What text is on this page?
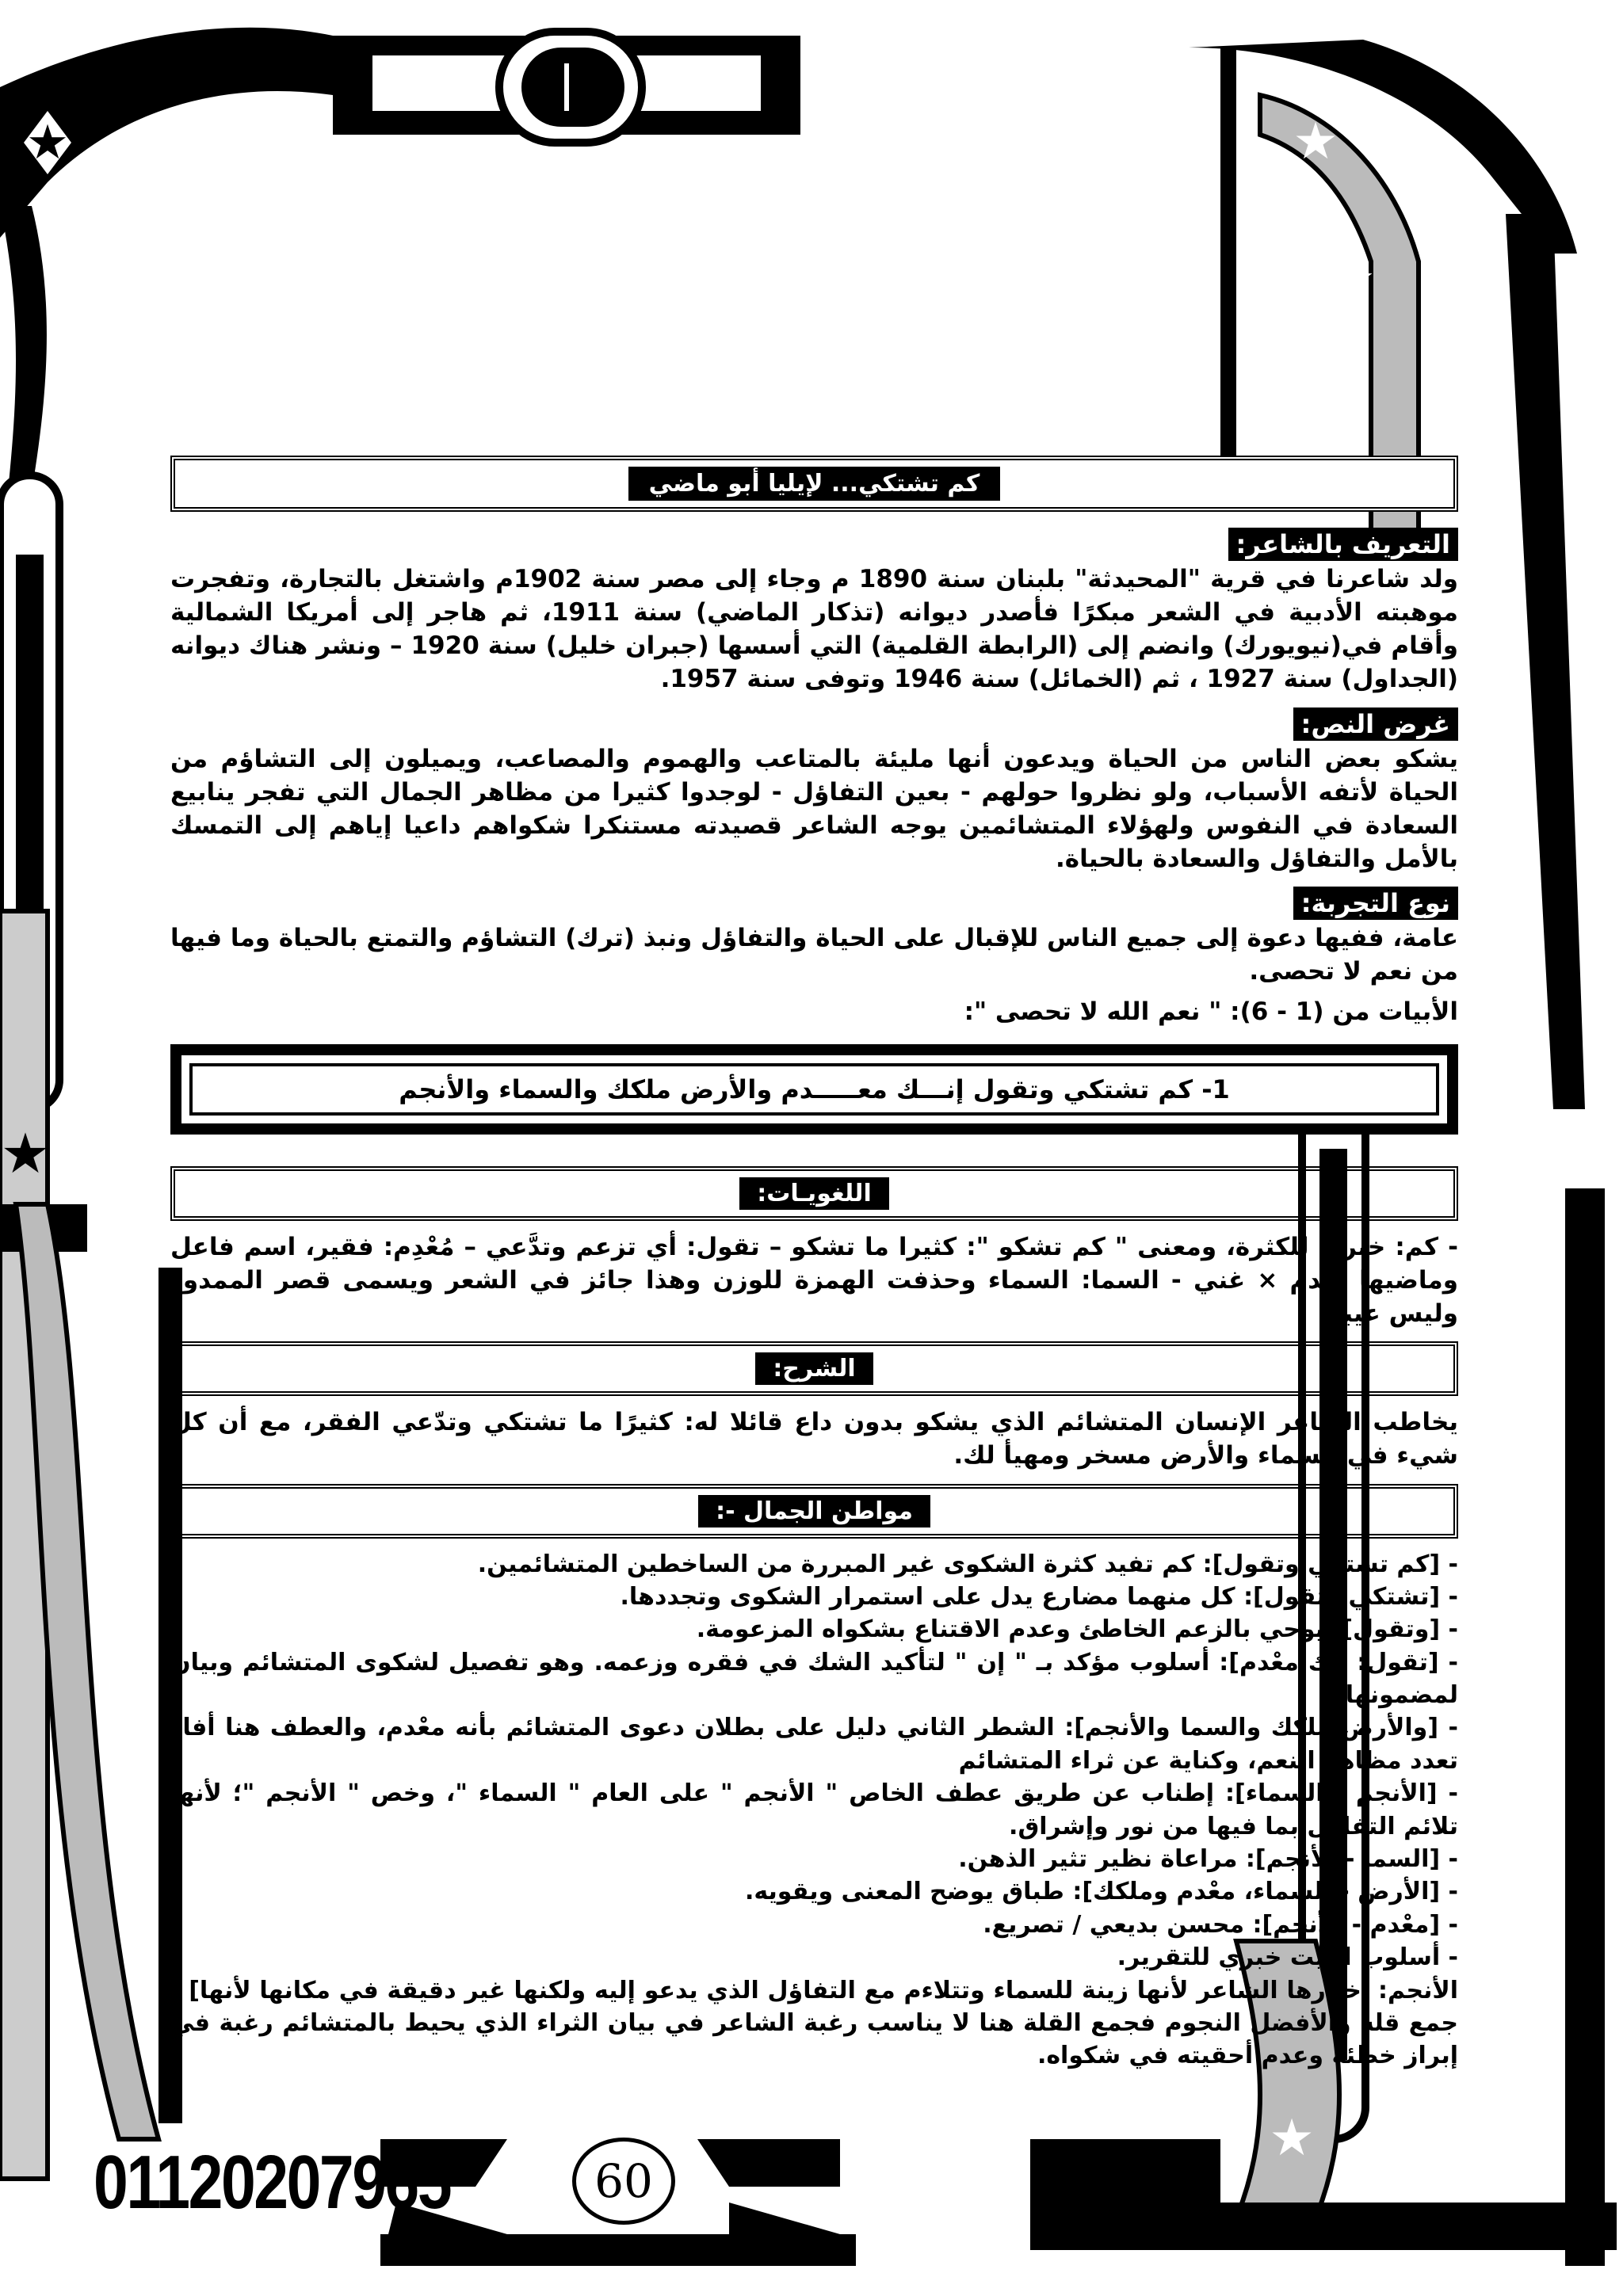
★	★
★
★
★
كم تشتكي... لإيليا أبو ماضي
التعريف بالشاعر:

ولد شاعرنا في قرية "المحيدثة" بلبنان سنة 1890 م وجاء إلى مصر سنة 1902م واشتغل بالتجارة، وتفجرت موهبته الأدبية في الشعر مبكرًا فأصدر ديوانه (تذكار الماضي) سنة 1911، ثم هاجر إلى أمريكا الشمالية وأقام في(نيويورك) وانضم إلى (الرابطة القلمية) التي أسسها (جبران خليل) سنة 1920 – ونشر هناك ديوانه (الجداول) سنة 1927 ، ثم (الخمائل) سنة 1946 وتوفى سنة 1957.

غرض النص:

يشكو بعض الناس من الحياة ويدعون أنها مليئة بالمتاعب والهموم والمصاعب، ويميلون إلى التشاؤم من الحياة لأتفه الأسباب، ولو نظروا حولهم - بعين التفاؤل - لوجدوا كثيرا من مظاهر الجمال التي تفجر ينابيع السعادة في النفوس ولهؤلاء المتشائمين يوجه الشاعر قصيدته مستنكرا شكواهم داعيا إياهم إلى التمسك بالأمل والتفاؤل والسعادة بالحياة.

نوع التجربة:

عامة، ففيها دعوة إلى جميع الناس للإقبال على الحياة والتفاؤل ونبذ (ترك) التشاؤم والتمتع بالحياة وما فيها من نعم لا تحصى.

الأبيات من (1 - 6): " نعم الله لا تحصى ":

1- كم تشتكي وتقول إنـــك معـــــدم والأرض ملكك والسماء والأنجم
اللغويـات:

- كم: خبرية للكثرة، ومعنى " كم تشكو ": كثيرا ما تشكو – تقول: أي تزعم وتدَّعي – مُعْدِم: فقير، اسم فاعل وماضيها أعدم × غني - السما: السماء وحذفت الهمزة للوزن وهذا جائز في الشعر ويسمى قصر الممدود وليس عيبا.

الشرح:

يخاطب الشاعر الإنسان المتشائم الذي يشكو بدون داع قائلا له: كثيرًا ما تشتكي وتدّعي الفقر، مع أن كل شيء في السماء والأرض مسخر ومهيأ لك.

مواطن الجمال -:
- [كم تشتكي وتقول]: كم تفيد كثرة الشكوى غير المبررة من الساخطين المتشائمين.
- [تشتكي وتقول]: كل منهما مضارع يدل على استمرار الشكوى وتجددها.
- [وتقول]: يوحي بالزعم الخاطئ وعدم الاقتناع بشكواه المزعومة.
- [تقول: إنك معْدم]: أسلوب مؤكد بـ " إن " لتأكيد الشك في فقره وزعمه. وهو تفصيل لشكوى المتشائم وبيان لمضمونها.
- [والأرض ملكك والسما والأنجم]: الشطر الثاني دليل على بطلان دعوى المتشائم بأنه معْدم، والعطف هنا أفاد تعدد مظاهر النعم، وكناية عن ثراء المتشائم
- [الأنجم - السماء]: إطناب عن طريق عطف الخاص " الأنجم " على العام " السماء "، وخص " الأنجم "؛ لأنها تلائم التفاؤل بما فيها من نور وإشراق.
- [السما - الأنجم]: مراعاة نظير تثير الذهن.
- [الأرض - السماء، معْدم وملكك]: طباق يوضح المعنى ويقويه.
- [معْدم - الأنجم]: محسن بديعي / تصريع.
- أسلوب البيت خبري للتقرير.
الأنجم: اختارها الشاعر لأنها زينة للسماء وتتلاءم مع التفاؤل الذي يدعو إليه ولكنها غير دقيقة في مكانها لأنها] - جمع قلة والأفضل النجوم فجمع القلة هنا لا يناسب رغبة الشاعر في بيان الثراء الذي يحيط بالمتشائم رغبة في إبراز خطئه وعدم أحقيته في شكواه.
01120207965	60
